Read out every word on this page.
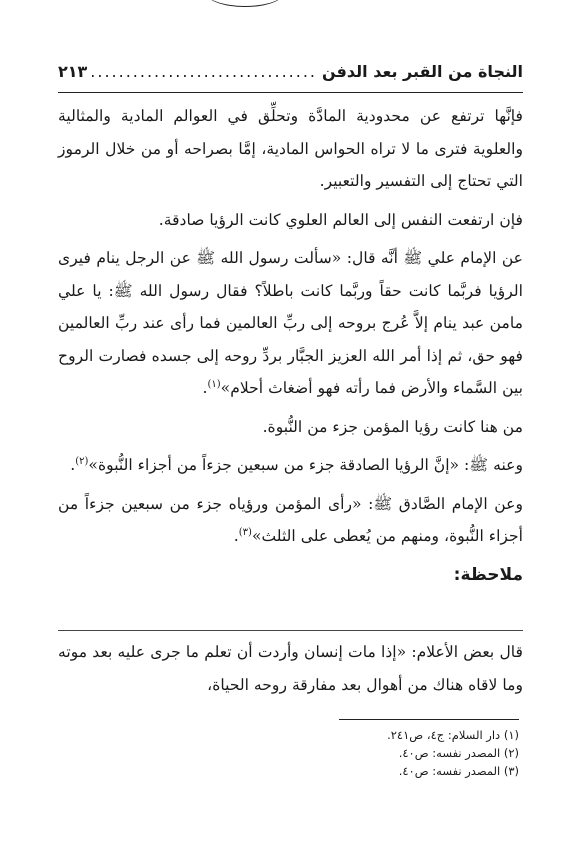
النجاة من القبر بعد الدفن
.....
٢١٣

فإنَّها ترتفع عن محدودية المادَّة وتحلِّق في العوالم المادية والمثالية والعلوية فترى ما لا تراه الحواس المادية، إمَّا بصراحه أو من خلال الرموز التي تحتاج إلى التفسير والتعبير.

فإن ارتفعت النفس إلى العالم العلوي كانت الرؤيا صادقة.

عن الإمام علي ﷺ أنَّه قال: «سألت رسول الله ﷺ عن الرجل ينام فيرى الرؤيا فربَّما كانت حقاً وربَّما كانت باطلاً؟ فقال رسول الله ﷺ: يا علي مامن عبد ينام إلاَّ عُرج بروحه إلى ربِّ العالمين فما رأى عند ربِّ العالمين فهو حق، ثم إذا أمر الله العزيز الجبَّار بردِّ روحه إلى جسده فصارت الروح بين السَّماء والأرض فما رأته فهو أضغاث أحلام»$^{(١)}$.

من هنا كانت رؤيا المؤمن جزء من النُّبوة.

وعنه ﷺ: «إنَّ الرؤيا الصادقة جزء من سبعين جزءاً من أجزاء النُّبوة»$^{(٢)}$.

وعن الإمام الصَّادق ﷺ: «رأى المؤمن ورؤياه جزء من سبعين جزءاً من أجزاء النُّبوة، ومنهم من يُعطى على الثلث»$^{(٣)}$.

ملاحظة:

قال بعض الأعلام: «إذا مات إنسان وأردت أن تعلم ما جرى عليه بعد موته وما لاقاه هناك من أهوال بعد مفارقة روحه الحياة،

(١) دار السلام: ج٤، ص٢٤١.
(٢) المصدر نفسه: ص٤٠.
(٣) المصدر نفسه: ص٤٠.
